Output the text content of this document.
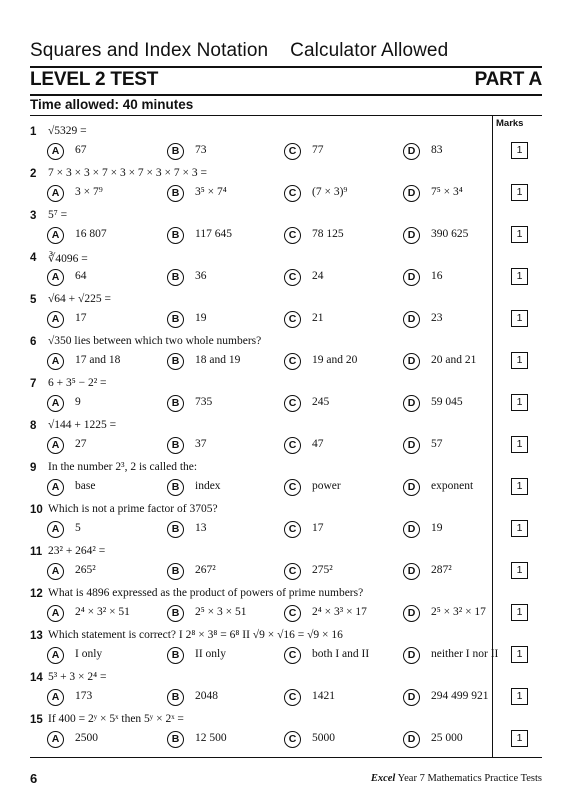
Squares and Index Notation Calculator Allowed
LEVEL 2 TEST	PART A
Time allowed: 40 minutes
Marks
1 √5329 =
A	67	B	73	C	77	D	83	1
2 7 × 3 × 3 × 7 × 3 × 7 × 3 × 7 × 3 =
A	3 × 7⁹	B	3⁵ × 7⁴	C	(7 × 3)⁹	D	7⁵ × 3⁴	1
3 5⁷ =
A	16 807	B	117 645	C	78 125	D	390 625	1
4 ∛4096 =
A	64	B	36	C	24	D	16	1
5 √64 + √225 =
A	17	B	19	C	21	D	23	1
6 √350 lies between which two whole numbers?
A	17 and 18	B	18 and 19	C	19 and 20	D	20 and 21	1
7 6 + 3⁵ − 2² =
A	9	B	735	C	245	D	59 045	1
8 √144 + 1225 =
A	27	B	37	C	47	D	57	1
9 In the number 2³, 2 is called the:
A	base	B	index	C	power	D	exponent	1
10 Which is not a prime factor of 3705?
A	5	B	13	C	17	D	19	1
11 23² + 264² =
A	265²	B	267²	C	275²	D	287²	1
12 What is 4896 expressed as the product of powers of prime numbers?
A	2⁴ × 3² × 51	B	2⁵ × 3 × 51	C	2⁴ × 3³ × 17	D	2⁵ × 3² × 17	1
13 Which statement is correct? I 2⁸ × 3⁸ = 6⁸ II √9 × √16 = √9 × 16
A	I only	B	II only	C	both I and II	D	neither I nor II	1
14 5³ + 3 × 2⁴ =
A	173	B	2048	C	1421	D	294 499 921	1
15 If 400 = 2ʸ × 5ˣ then 5ʸ × 2ˣ =
A	2500	B	12 500	C	5000	D	25 000	1
6	Excel Year 7 Mathematics Practice Tests
